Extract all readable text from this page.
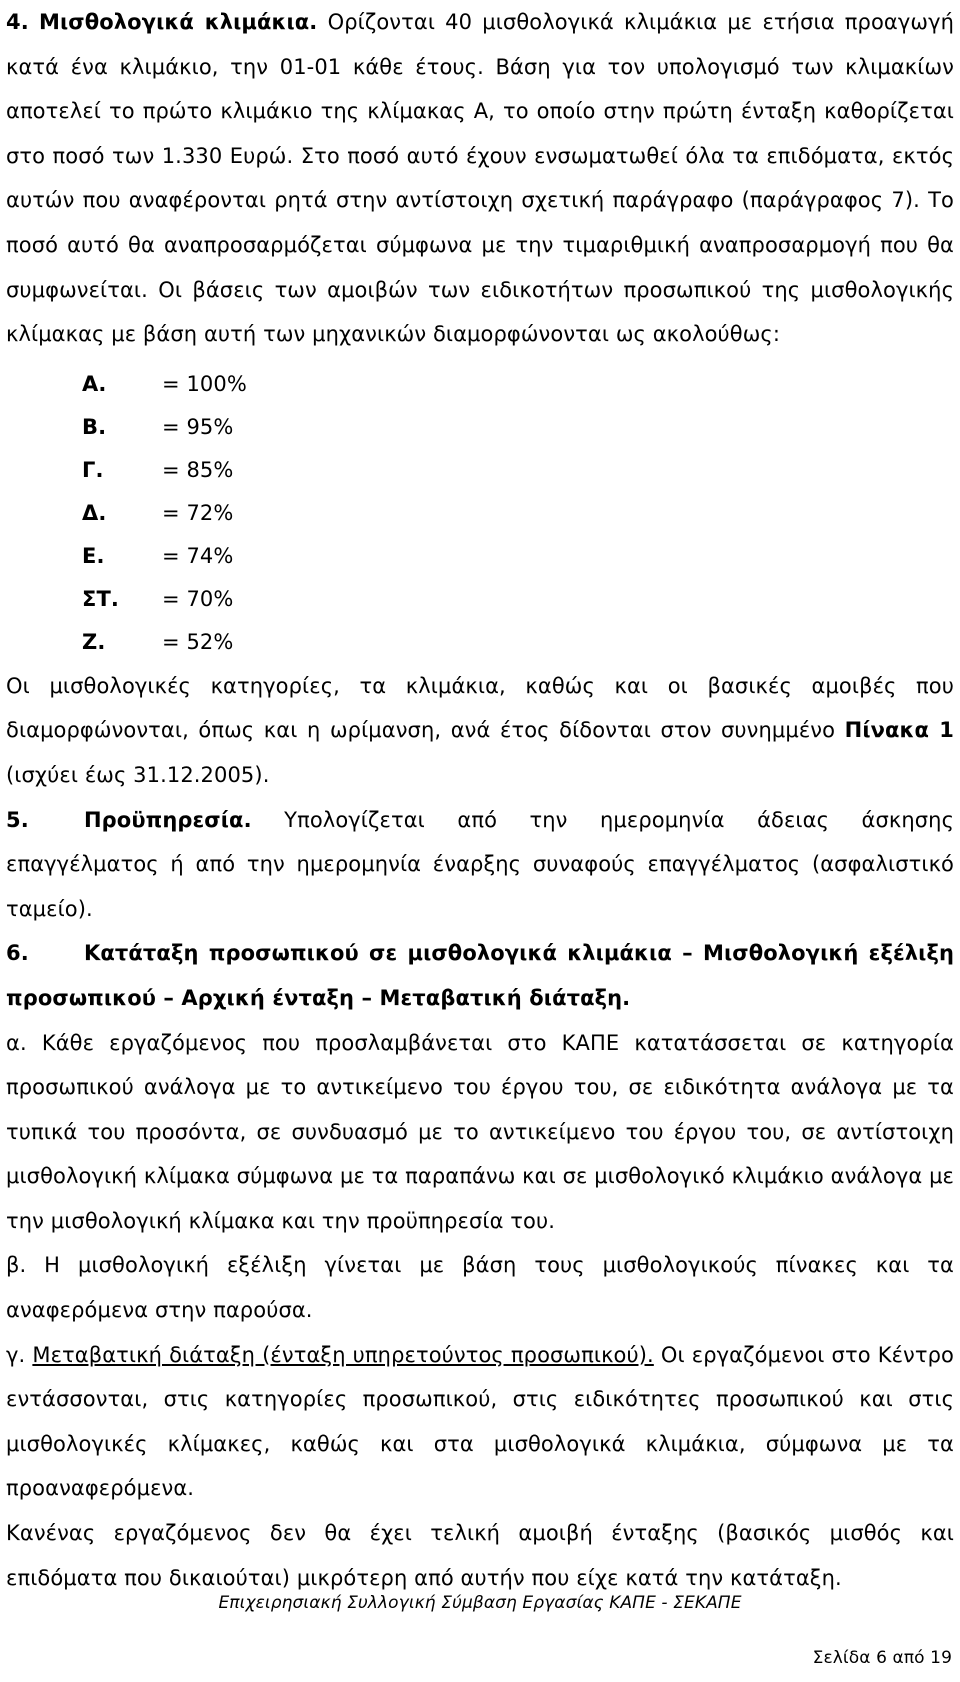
4. Μισθολογικά κλιμάκια. Ορίζονται 40 μισθολογικά κλιμάκια με ετήσια προαγωγή κατά ένα κλιμάκιο, την 01-01 κάθε έτους. Βάση για τον υπολογισμό των κλιμακίων αποτελεί το πρώτο κλιμάκιο της κλίμακας Α, το οποίο στην πρώτη ένταξη καθορίζεται στο ποσό των 1.330 Ευρώ. Στο ποσό αυτό έχουν ενσωματωθεί όλα τα επιδόματα, εκτός αυτών που αναφέρονται ρητά στην αντίστοιχη σχετική παράγραφο (παράγραφος 7). Το ποσό αυτό θα αναπροσαρμόζεται σύμφωνα με την τιμαριθμική αναπροσαρμογή που θα συμφωνείται. Οι βάσεις των αμοιβών των ειδικοτήτων προσωπικού της μισθολογικής κλίμακας με βάση αυτή των μηχανικών διαμορφώνονται ως ακολούθως:

Α.	= 100%
Β.	= 95%
Γ.	= 85%
Δ.	= 72%
Ε.	= 74%
ΣΤ.	= 70%
Ζ.	= 52%

Οι μισθολογικές κατηγορίες, τα κλιμάκια, καθώς και οι βασικές αμοιβές που διαμορφώνονται, όπως και η ωρίμανση, ανά έτος δίδονται στον συνημμένο Πίνακα 1 (ισχύει έως 31.12.2005).

5.	Προϋπηρεσία. Υπολογίζεται από την ημερομηνία άδειας άσκησης επαγγέλματος ή από την ημερομηνία έναρξης συναφούς επαγγέλματος (ασφαλιστικό ταμείο).

6.	Κατάταξη προσωπικού σε μισθολογικά κλιμάκια – Μισθολογική εξέλιξη προσωπικού – Αρχική ένταξη – Μεταβατική διάταξη.

α. Κάθε εργαζόμενος που προσλαμβάνεται στο ΚΑΠΕ κατατάσσεται σε κατηγορία προσωπικού ανάλογα με το αντικείμενο του έργου του, σε ειδικότητα ανάλογα με τα τυπικά του προσόντα, σε συνδυασμό με το αντικείμενο του έργου του, σε αντίστοιχη μισθολογική κλίμακα σύμφωνα με τα παραπάνω και σε μισθολογικό κλιμάκιο ανάλογα με την μισθολογική κλίμακα και την προϋπηρεσία του.

β. Η μισθολογική εξέλιξη γίνεται με βάση τους μισθολογικούς πίνακες και τα αναφερόμενα στην παρούσα.

γ. Μεταβατική διάταξη (ένταξη υπηρετούντος προσωπικού). Οι εργαζόμενοι στο Κέντρο εντάσσονται, στις κατηγορίες προσωπικού, στις ειδικότητες προσωπικού και στις μισθολογικές κλίμακες, καθώς και στα μισθολογικά κλιμάκια, σύμφωνα με τα προαναφερόμενα.

Κανένας εργαζόμενος δεν θα έχει τελική αμοιβή ένταξης (βασικός μισθός και επιδόματα που δικαιούται) μικρότερη από αυτήν που είχε κατά την κατάταξη.

Επιχειρησιακή Συλλογική Σύμβαση Εργασίας ΚΑΠΕ - ΣΕΚΑΠΕ
Σελίδα 6 από 19
